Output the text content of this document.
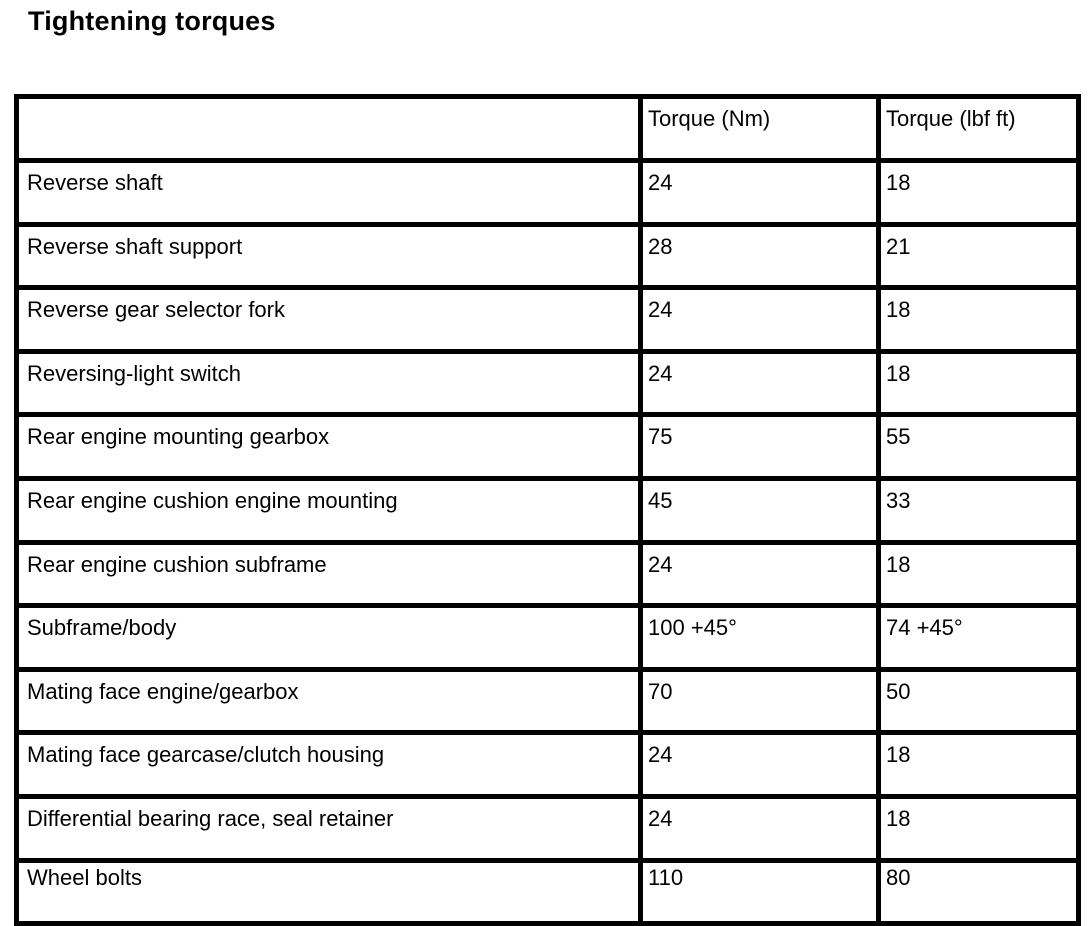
Tightening torques
	Torque (Nm)	Torque (lbf ft)
Reverse shaft	24	18
Reverse shaft support	28	21
Reverse gear selector fork	24	18
Reversing-light switch	24	18
Rear engine mounting gearbox	75	55
Rear engine cushion engine mounting	45	33
Rear engine cushion subframe	24	18
Subframe/body	100 +45°	74 +45°
Mating face engine/gearbox	70	50
Mating face gearcase/clutch housing	24	18
Differential bearing race, seal retainer	24	18
Wheel bolts	110	80
